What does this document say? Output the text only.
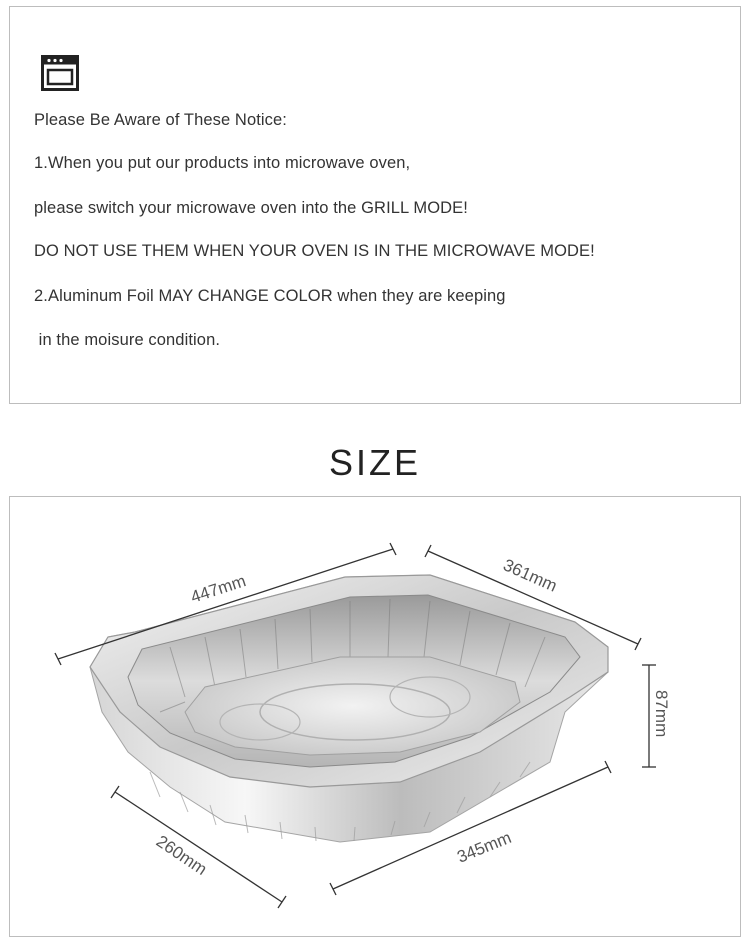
Please Be Aware of These Notice:
1.When you put our products into microwave oven,
please switch your microwave oven into the GRILL MODE!
DO NOT USE THEM WHEN YOUR OVEN IS IN THE MICROWAVE MODE!
2.Aluminum Foil MAY CHANGE COLOR when they are keeping
in the moisure condition.
SIZE
447mm	361mm
87mm
260mm	345mm
